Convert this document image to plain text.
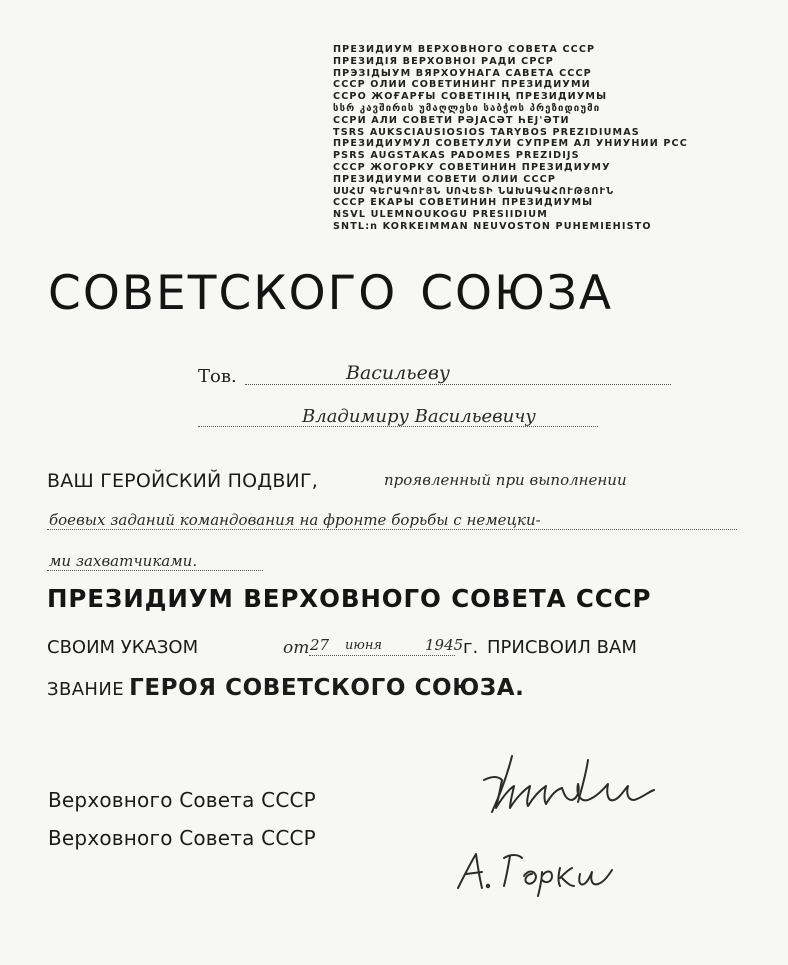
ПРЕЗИДИУМ ВЕРХОВНОГО СОВЕТА СССР
ПРЕЗИДІЯ ВЕРХОВНОЇ РАДИ СРСР
ПРЭЗІДЫУМ ВЯРХОЎНАГА САВЕТА СССР
СССР ОЛИЙ СОВЕТИНИНГ ПРЕЗИДИУМИ
ССРО ЖОҒАРҒЫ СОВЕТІНІҢ ПРЕЗИДИУМЫ
სსრ კავშირის უმაღლესი საბჭოს პრეზიდიუმი
ССРИ АЛИ СОВЕТИ РӘЈАСӘТ ҺЕЈ'ӘТИ
TSRS AUKŠČIAUSIOSIOS TARYBOS PREZIDIUMAS
ПРЕЗИДИУМУЛ СОВЕТУЛУЙ СУПРЕМ АЛ УНИУНИЙ РСС
PSRS AUGSTĀKĀS PADOMES PREZIDIJS
СССР ЖОГОРКУ СОВЕТИНИН ПРЕЗИДИУМУ
ПРЕЗИДИУМИ СОВЕТИ ОЛИИ СССР
ՍՍՀՄ ԳԵՐԱԳՈՒՅՆ ՍՈՎԵՏԻ ՆԱԽԱԳԱՀՈՒԹՅՈՒՆ
СССР ЁКАРЫ СОВЕТИНИН ПРЕЗИДИУМЫ
NSVL ÜLEMNÕUKOGU PRESIIDIUM
SNTL:n KORKEIMMAN NEUVOSTON PUHEMIEHISTÖ
СОВЕТСКОГО СОЮЗА
Тов.	Васильеву
Владимиру Васильевичу
ВАШ ГЕРОЙСКИЙ ПОДВИГ,	проявленный при выполнении
боевых заданий командования на фронте борьбы с немецки-
ми захватчиками.
ПРЕЗИДИУМ ВЕРХОВНОГО СОВЕТА СССР
СВОИМ УКАЗОМ	от 27 июня	1945 г. ПРИСВОИЛ ВАМ
ЗВАНИЕ ГЕРОЯ СОВЕТСКОГО СОЮЗА.
Верховного Совета СССР
Верховного Совета СССР
